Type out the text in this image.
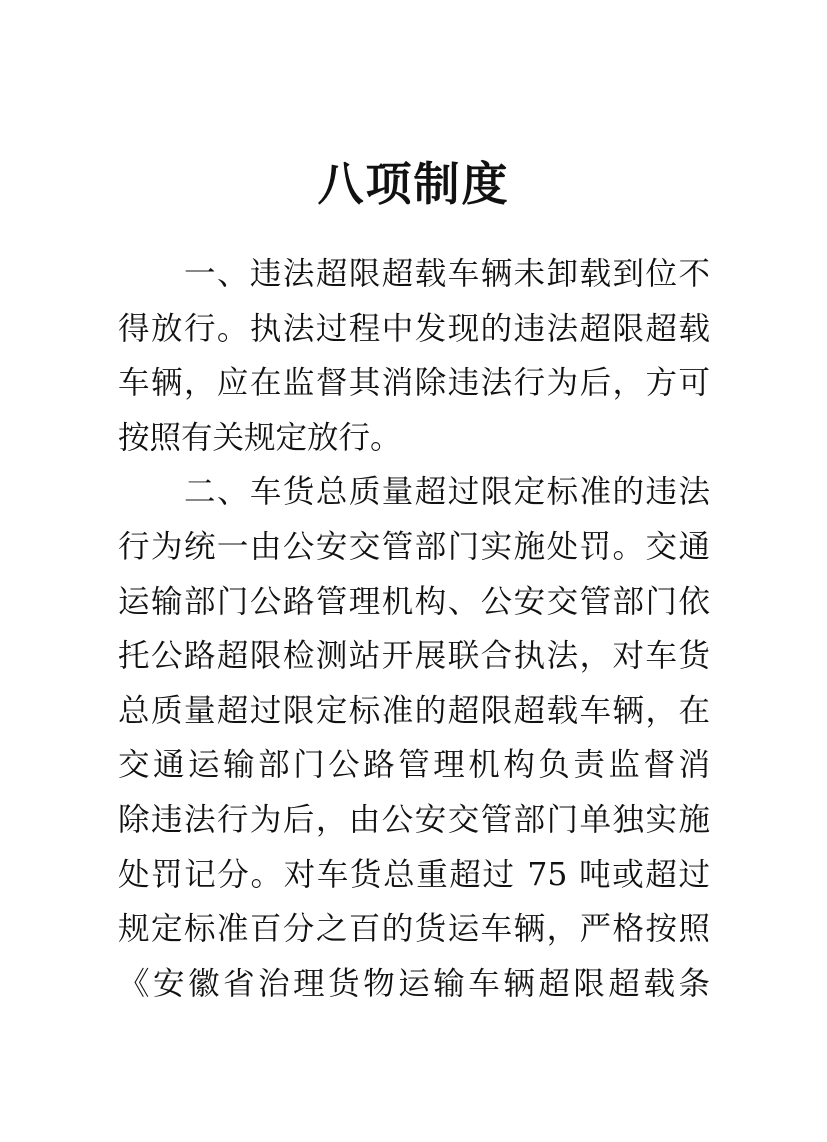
八项制度
一、违法超限超载车辆未卸载到位不
得放行。执法过程中发现的违法超限超载
车辆，应在监督其消除违法行为后，方可
按照有关规定放行。
二、车货总质量超过限定标准的违法
行为统一由公安交管部门实施处罚。交通
运输部门公路管理机构、公安交管部门依
托公路超限检测站开展联合执法，对车货
总质量超过限定标准的超限超载车辆，在
交通运输部门公路管理机构负责监督消
除违法行为后，由公安交管部门单独实施
处罚记分。对车货总重超过 75 吨或超过
规定标准百分之百的货运车辆，严格按照
《安徽省治理货物运输车辆超限超载条
